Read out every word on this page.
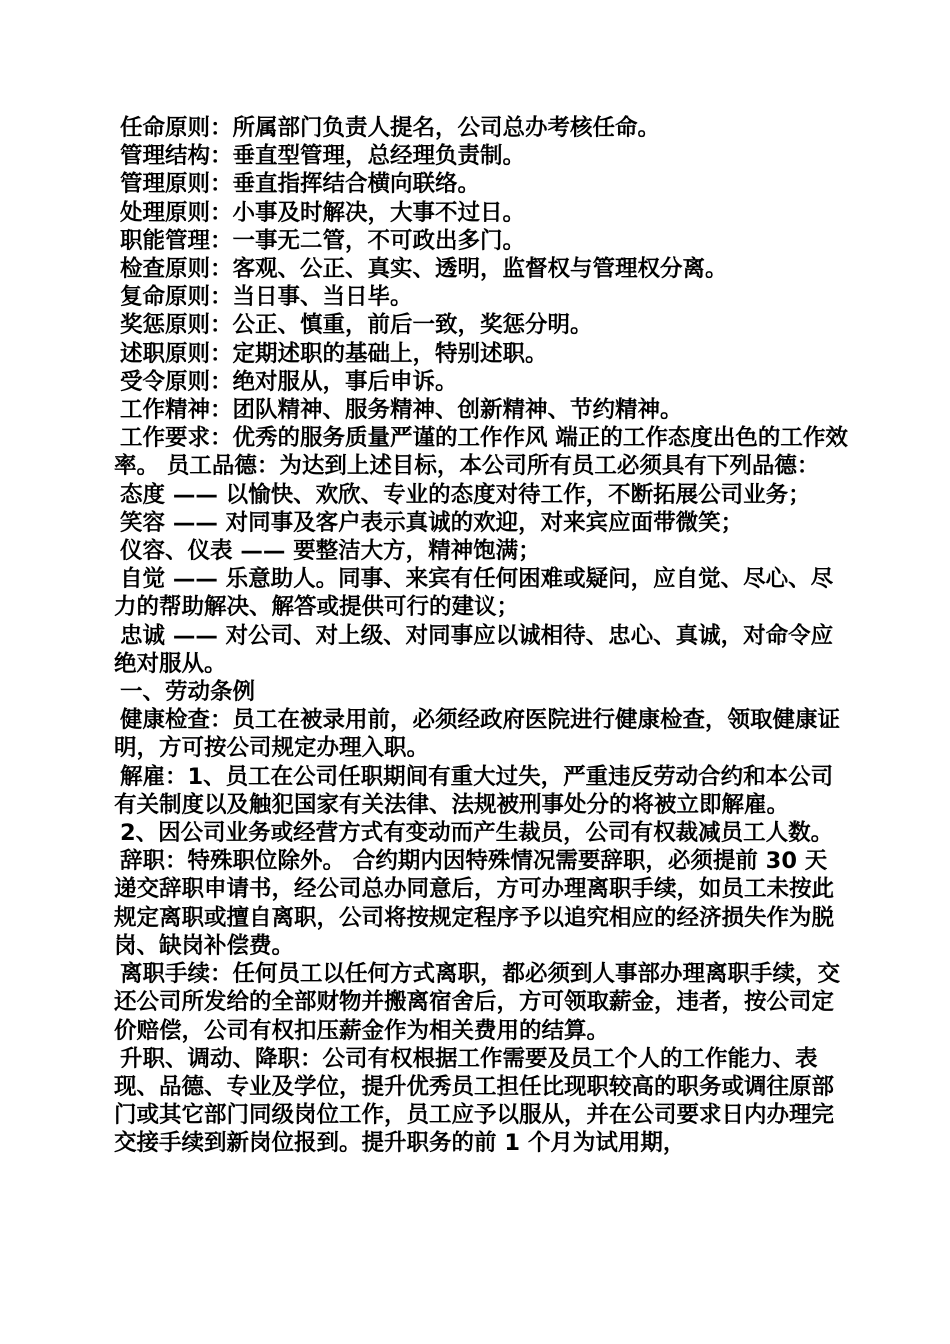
任命原则：所属部门负责人提名，公司总办考核任命。

管理结构：垂直型管理，总经理负责制。

管理原则：垂直指挥结合横向联络。

处理原则：小事及时解决，大事不过日。

职能管理：一事无二管，不可政出多门。

检查原则：客观、公正、真实、透明，监督权与管理权分离。

复命原则：当日事、当日毕。

奖惩原则：公正、慎重，前后一致，奖惩分明。

述职原则：定期述职的基础上，特别述职。

受令原则：绝对服从，事后申诉。

工作精神：团队精神、服务精神、创新精神、节约精神。

工作要求：优秀的服务质量严谨的工作作风 端正的工作态度出色的工作效率。 员工品德：为达到上述目标，本公司所有员工必须具有下列品德：

态度 —— 以愉快、欢欣、专业的态度对待工作，不断拓展公司业务；

笑容 —— 对同事及客户表示真诚的欢迎，对来宾应面带微笑；

仪容、仪表 —— 要整洁大方，精神饱满；

自觉 —— 乐意助人。同事、来宾有任何困难或疑问，应自觉、尽心、尽力的帮助解决、解答或提供可行的建议；

忠诚 —— 对公司、对上级、对同事应以诚相待、忠心、真诚，对命令应绝对服从。

一、劳动条例

健康检查：员工在被录用前，必须经政府医院进行健康检查，领取健康证明，方可按公司规定办理入职。

解雇：1、员工在公司任职期间有重大过失，严重违反劳动合约和本公司有关制度以及触犯国家有关法律、法规被刑事处分的将被立即解雇。

2、因公司业务或经营方式有变动而产生裁员，公司有权裁减员工人数。

辞职：特殊职位除外。 合约期内因特殊情况需要辞职，必须提前 30 天递交辞职申请书，经公司总办同意后，方可办理离职手续，如员工未按此规定离职或擅自离职，公司将按规定程序予以追究相应的经济损失作为脱岗、缺岗补偿费。

离职手续：任何员工以任何方式离职，都必须到人事部办理离职手续，交还公司所发给的全部财物并搬离宿舍后，方可领取薪金，违者，按公司定价赔偿，公司有权扣压薪金作为相关费用的结算。

升职、调动、降职：公司有权根据工作需要及员工个人的工作能力、表现、品德、专业及学位，提升优秀员工担任比现职较高的职务或调往原部门或其它部门同级岗位工作，员工应予以服从，并在公司要求日内办理完交接手续到新岗位报到。提升职务的前 1 个月为试用期，
